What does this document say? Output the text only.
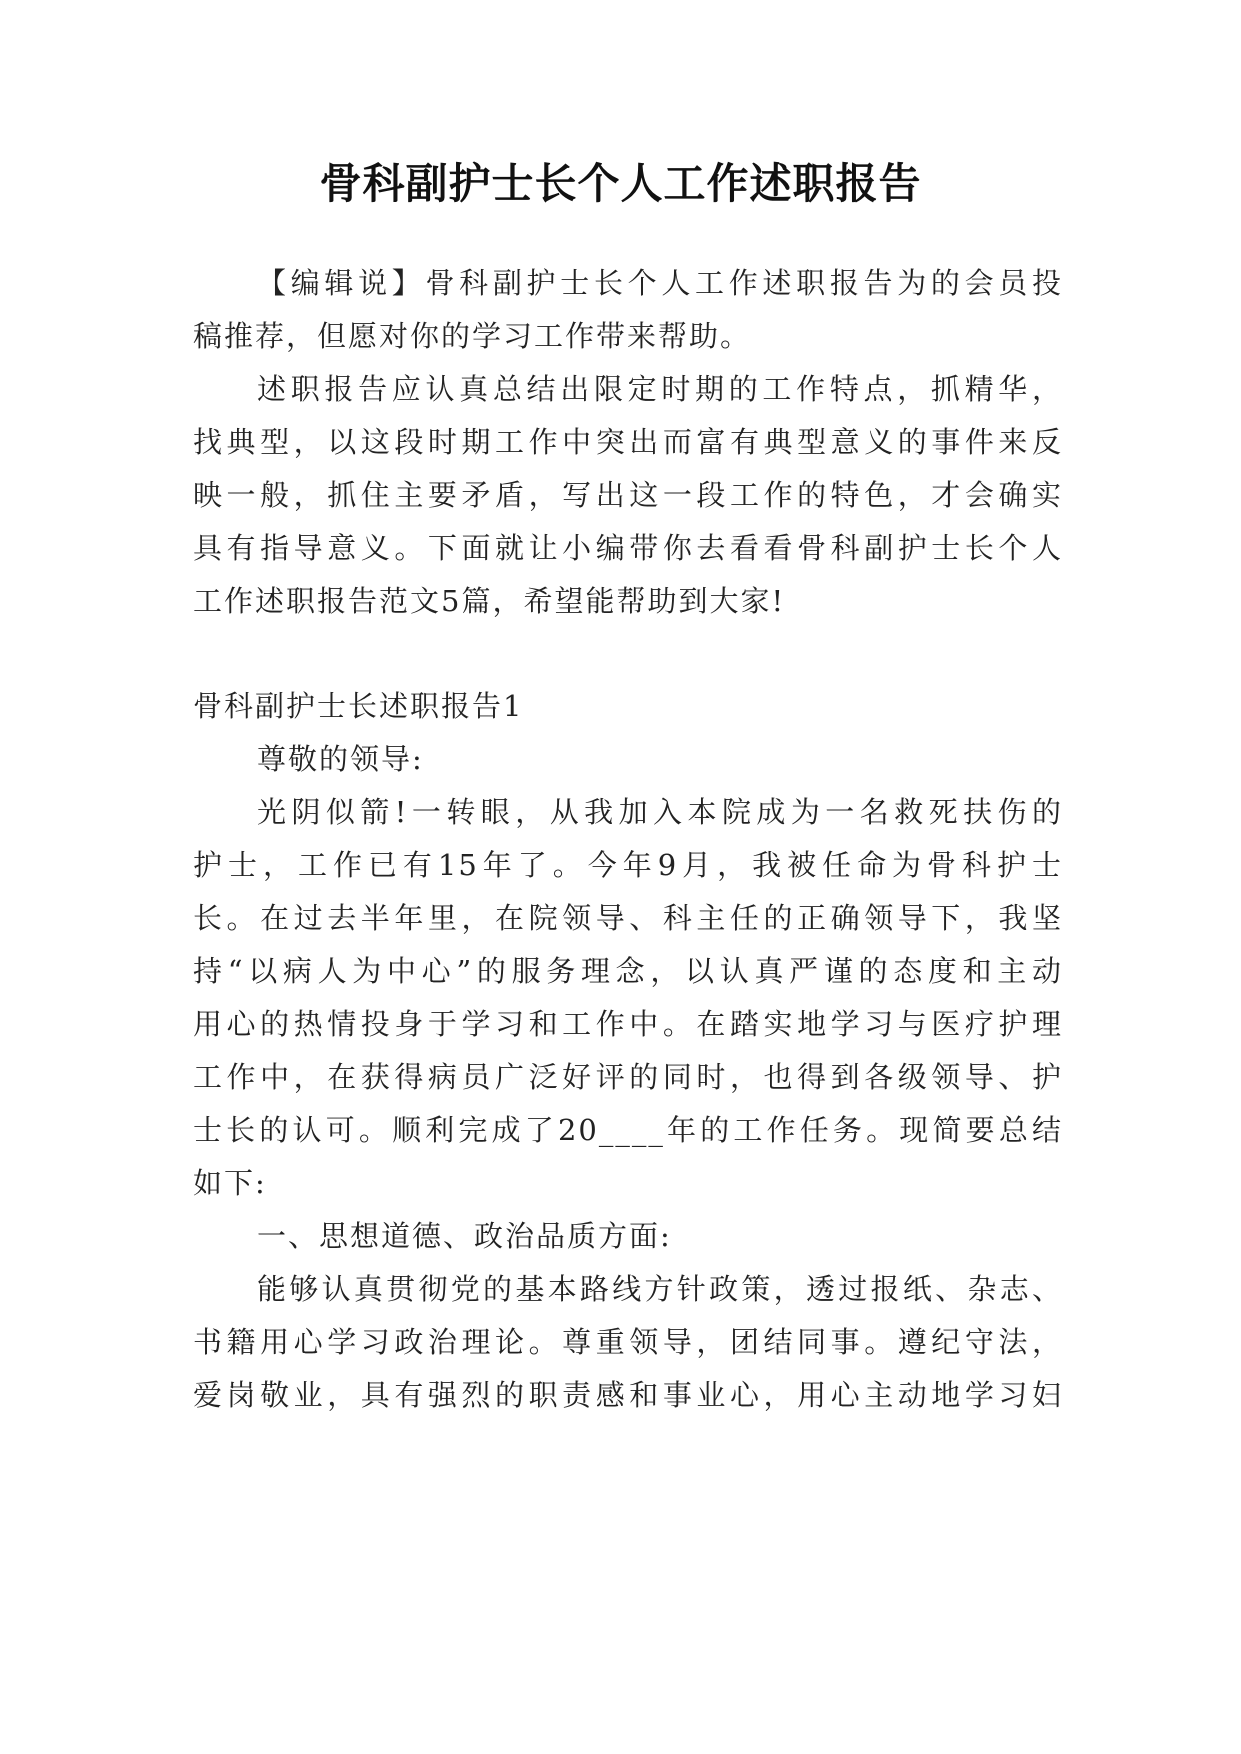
骨科副护士长个人工作述职报告
【编辑说】骨科副护士长个人工作述职报告为的会员投
稿推荐，但愿对你的学习工作带来帮助。
述职报告应认真总结出限定时期的工作特点，抓精华，
找典型，以这段时期工作中突出而富有典型意义的事件来反
映一般，抓住主要矛盾，写出这一段工作的特色，才会确实
具有指导意义。下面就让小编带你去看看骨科副护士长个人
工作述职报告范文5篇，希望能帮助到大家!
骨科副护士长述职报告1
尊敬的领导:
光阴似箭!一转眼，从我加入本院成为一名救死扶伤的
护士，工作已有15年了。今年9月，我被任命为骨科护士
长。在过去半年里，在院领导、科主任的正确领导下，我坚
持“以病人为中心”的服务理念，以认真严谨的态度和主动
用心的热情投身于学习和工作中。在踏实地学习与医疗护理
工作中，在获得病员广泛好评的同时，也得到各级领导、护
士长的认可。顺利完成了20____年的工作任务。现简要总结
如下:
一、思想道德、政治品质方面:
能够认真贯彻党的基本路线方针政策，透过报纸、杂志、
书籍用心学习政治理论。尊重领导，团结同事。遵纪守法，
爱岗敬业，具有强烈的职责感和事业心，用心主动地学习妇
